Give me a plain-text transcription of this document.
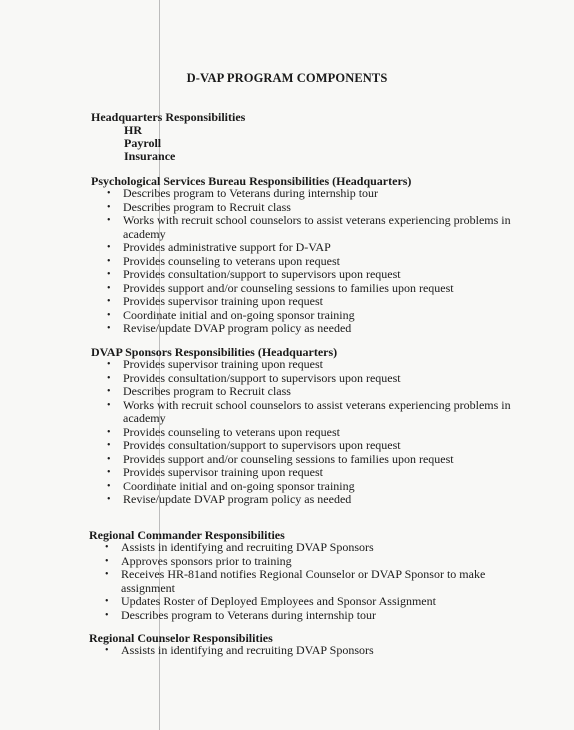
D-VAP PROGRAM COMPONENTS
Headquarters Responsibilities
HR
Payroll
Insurance
Psychological Services Bureau Responsibilities (Headquarters)
• Describes program to Veterans during internship tour
• Describes program to Recruit class
• Works with recruit school counselors to assist veterans experiencing problems in
academy
• Provides administrative support for D-VAP
• Provides counseling to veterans upon request
• Provides consultation/support to supervisors upon request
• Provides support and/or counseling sessions to families upon request
• Provides supervisor training upon request
• Coordinate initial and on-going sponsor training
• Revise/update DVAP program policy as needed
DVAP Sponsors Responsibilities (Headquarters)
• Provides supervisor training upon request
• Provides consultation/support to supervisors upon request
• Describes program to Recruit class
• Works with recruit school counselors to assist veterans experiencing problems in
academy
• Provides counseling to veterans upon request
• Provides consultation/support to supervisors upon request
• Provides support and/or counseling sessions to families upon request
• Provides supervisor training upon request
• Coordinate initial and on-going sponsor training
• Revise/update DVAP program policy as needed
Regional Commander Responsibilities
• Assists in identifying and recruiting DVAP Sponsors
• Approves sponsors prior to training
• Receives HR-81and notifies Regional Counselor or DVAP Sponsor to make
assignment
• Updates Roster of Deployed Employees and Sponsor Assignment
• Describes program to Veterans during internship tour
Regional Counselor Responsibilities
• Assists in identifying and recruiting DVAP Sponsors
